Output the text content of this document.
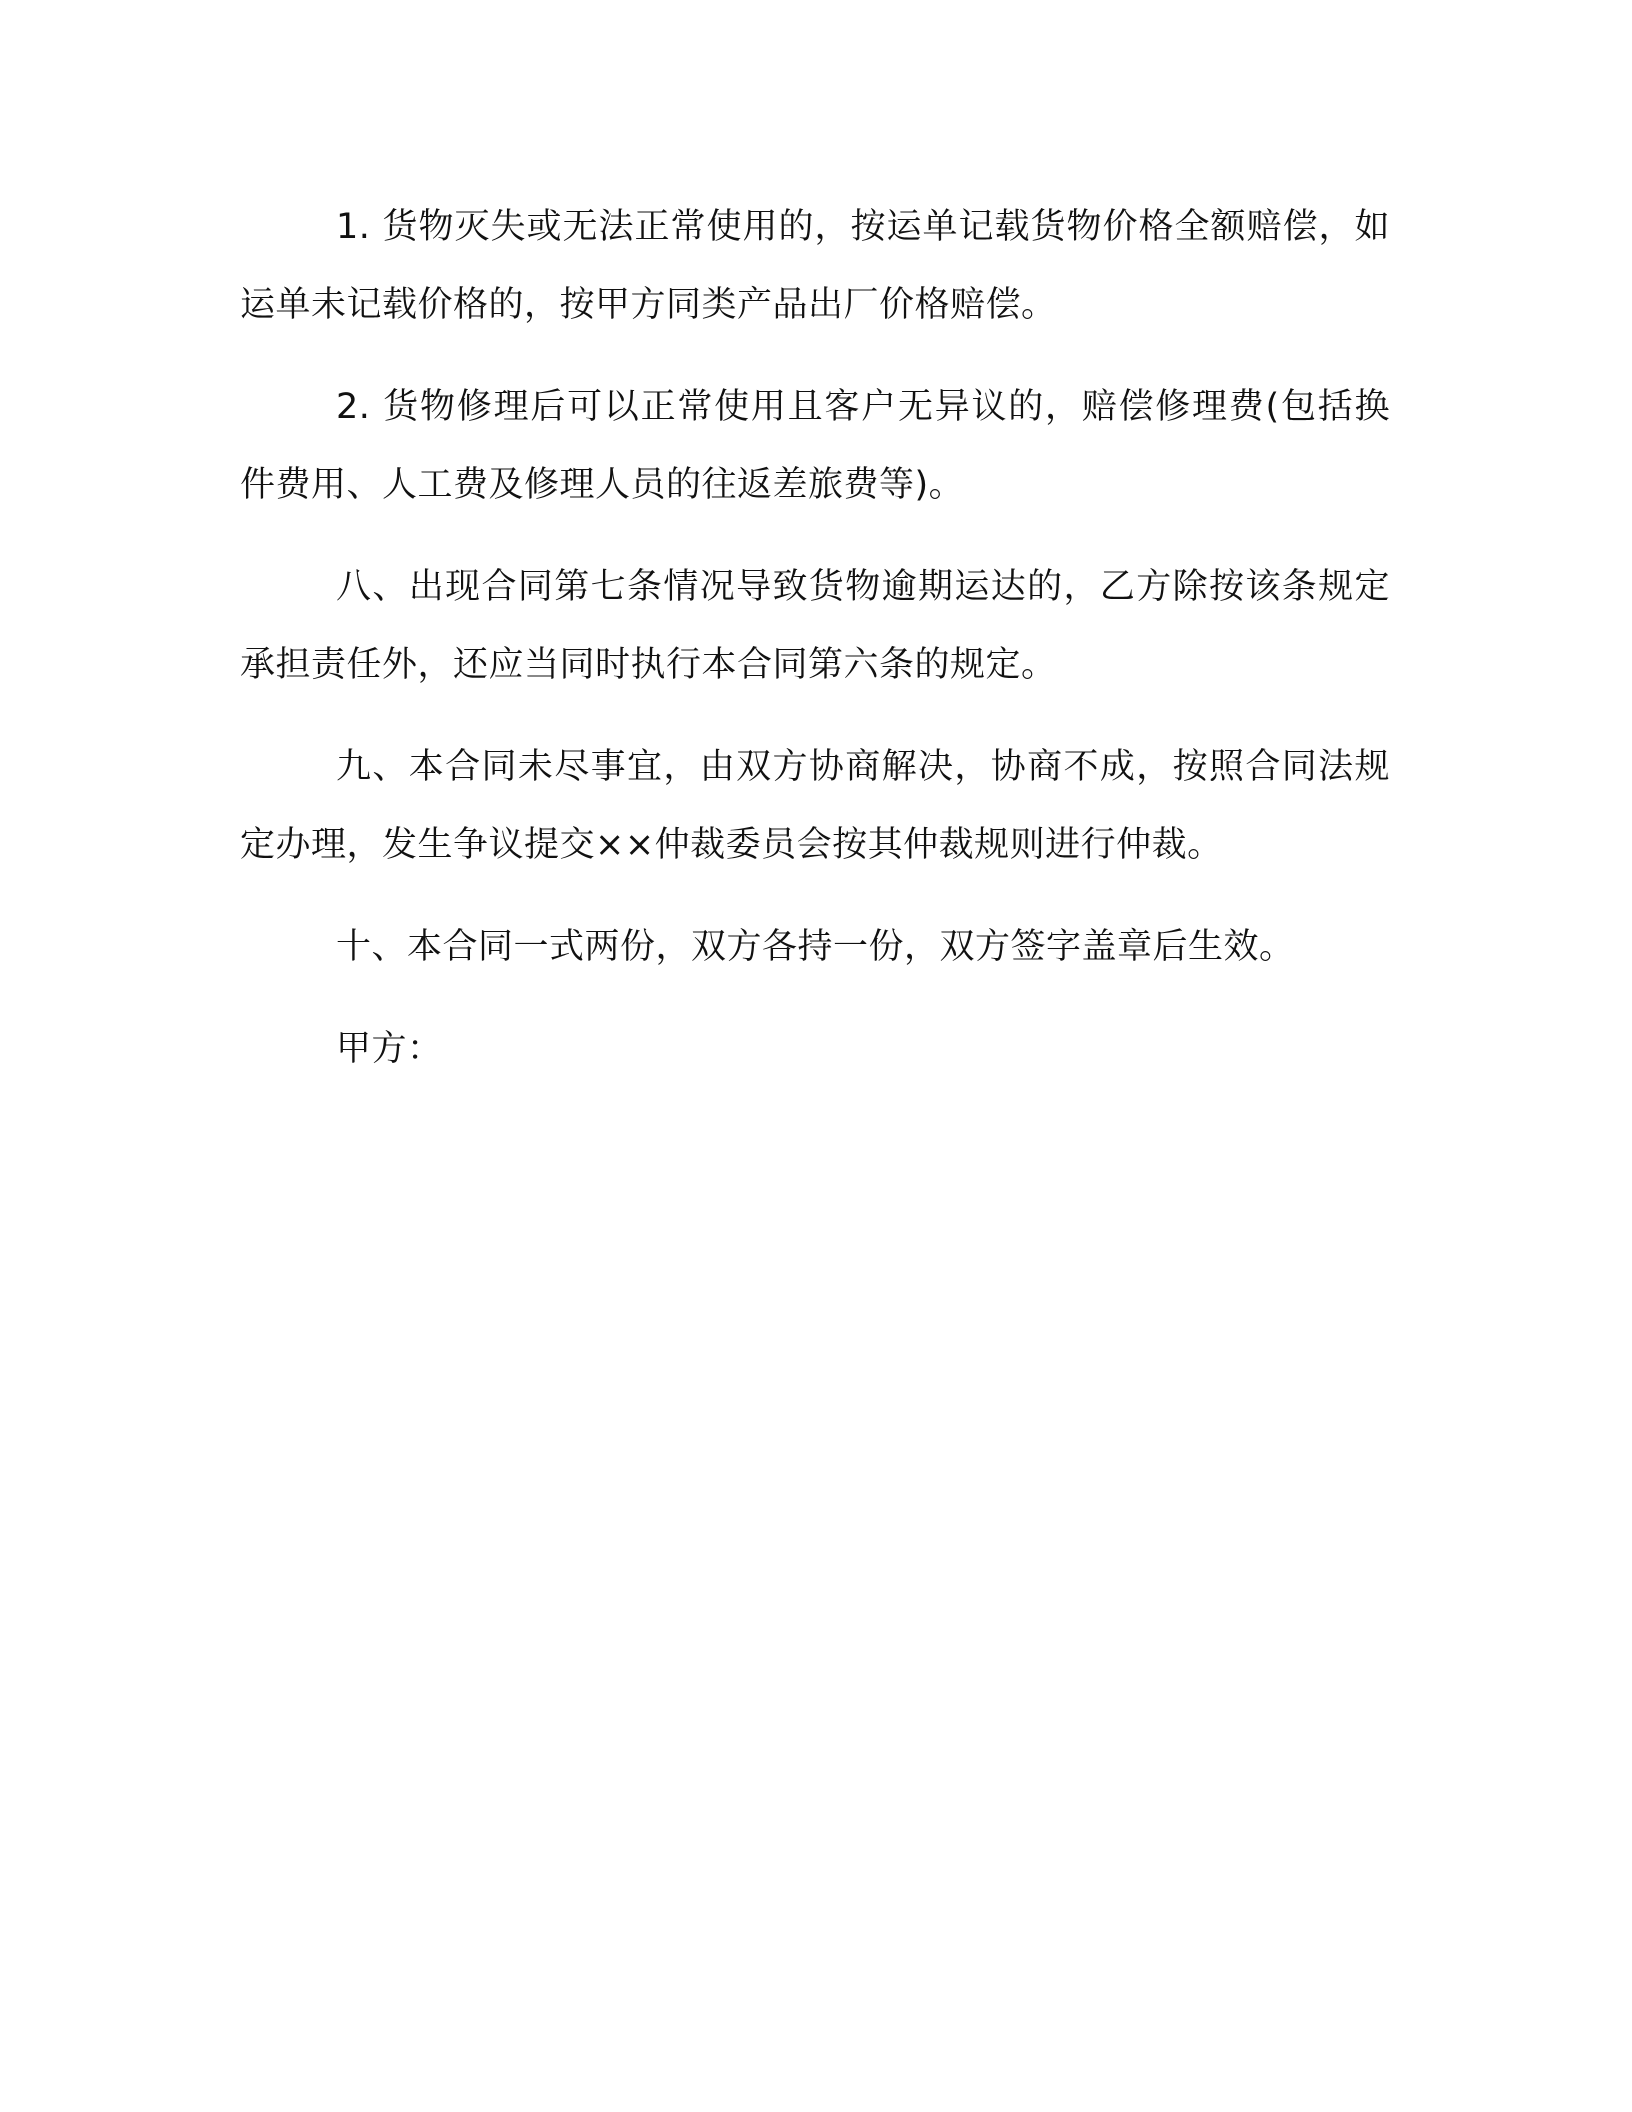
1. 货物灭失或无法正常使用的，按运单记载货物价格全额赔偿，如运单未记载价格的，按甲方同类产品出厂价格赔偿。

2. 货物修理后可以正常使用且客户无异议的，赔偿修理费(包括换件费用、人工费及修理人员的往返差旅费等)。

八、出现合同第七条情况导致货物逾期运达的，乙方除按该条规定承担责任外，还应当同时执行本合同第六条的规定。

九、本合同未尽事宜，由双方协商解决，协商不成，按照合同法规定办理，发生争议提交××仲裁委员会按其仲裁规则进行仲裁。

十、本合同一式两份，双方各持一份，双方签字盖章后生效。

甲方：
